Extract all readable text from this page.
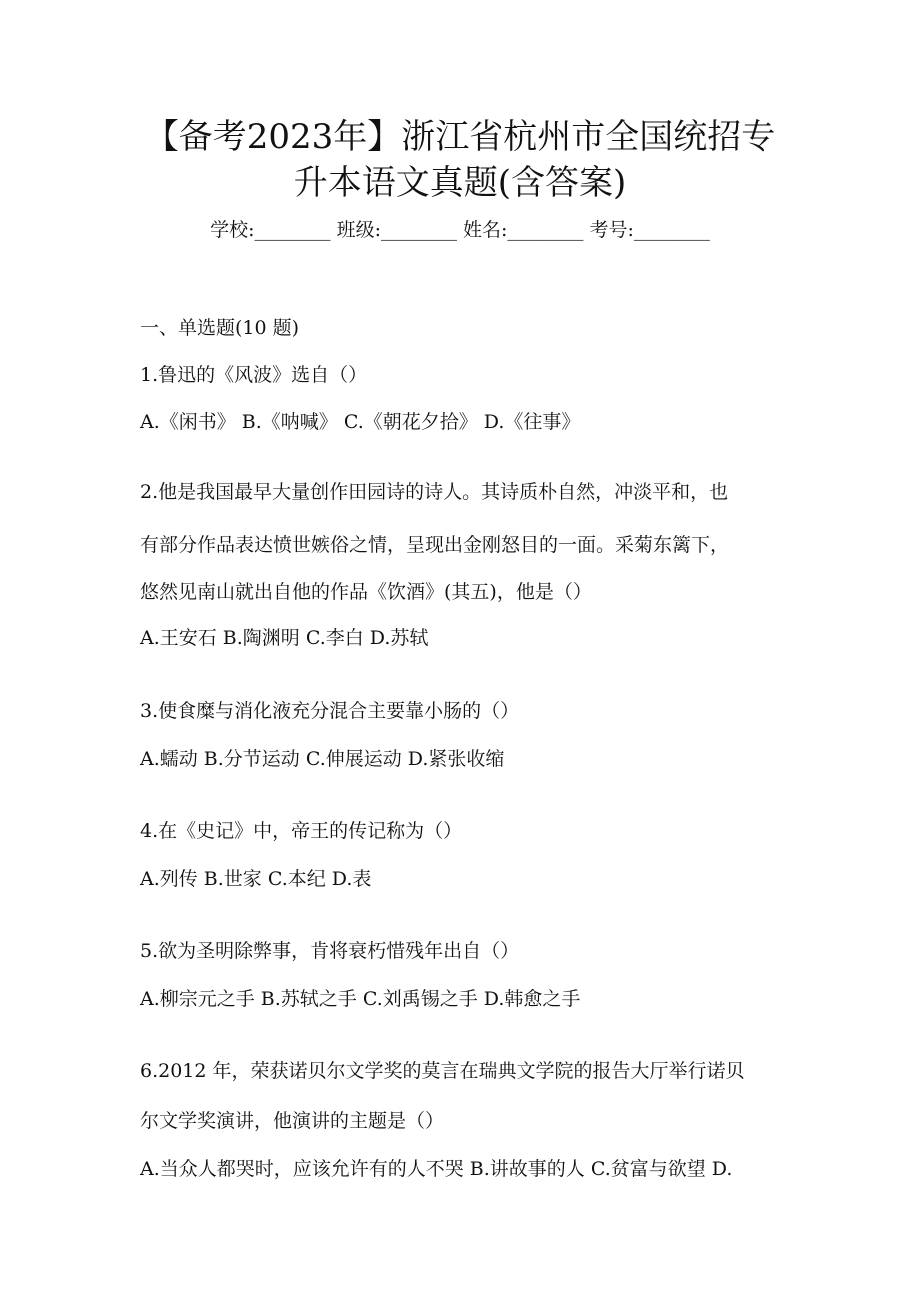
【备考2023年】浙江省杭州市全国统招专
升本语文真题(含答案)
学校:________ 班级:________ 姓名:________ 考号:________
一、单选题(10 题)
1.鲁迅的《风波》选自（）
A.《闲书》 B.《呐喊》 C.《朝花夕拾》 D.《往事》
2.他是我国最早大量创作田园诗的诗人。其诗质朴自然，冲淡平和，也
有部分作品表达愤世嫉俗之情，呈现出金刚怒目的一面。采菊东篱下，
悠然见南山就出自他的作品《饮酒》(其五)，他是（）
A.王安石 B.陶渊明 C.李白 D.苏轼
3.使食糜与消化液充分混合主要靠小肠的（）
A.蠕动 B.分节运动 C.伸展运动 D.紧张收缩
4.在《史记》中，帝王的传记称为（）
A.列传 B.世家 C.本纪 D.表
5.欲为圣明除弊事，肯将衰朽惜残年出自（）
A.柳宗元之手 B.苏轼之手 C.刘禹锡之手 D.韩愈之手
6.2012 年，荣获诺贝尔文学奖的莫言在瑞典文学院的报告大厅举行诺贝
尔文学奖演讲，他演讲的主题是（）
A.当众人都哭时，应该允许有的人不哭 B.讲故事的人 C.贫富与欲望 D.
